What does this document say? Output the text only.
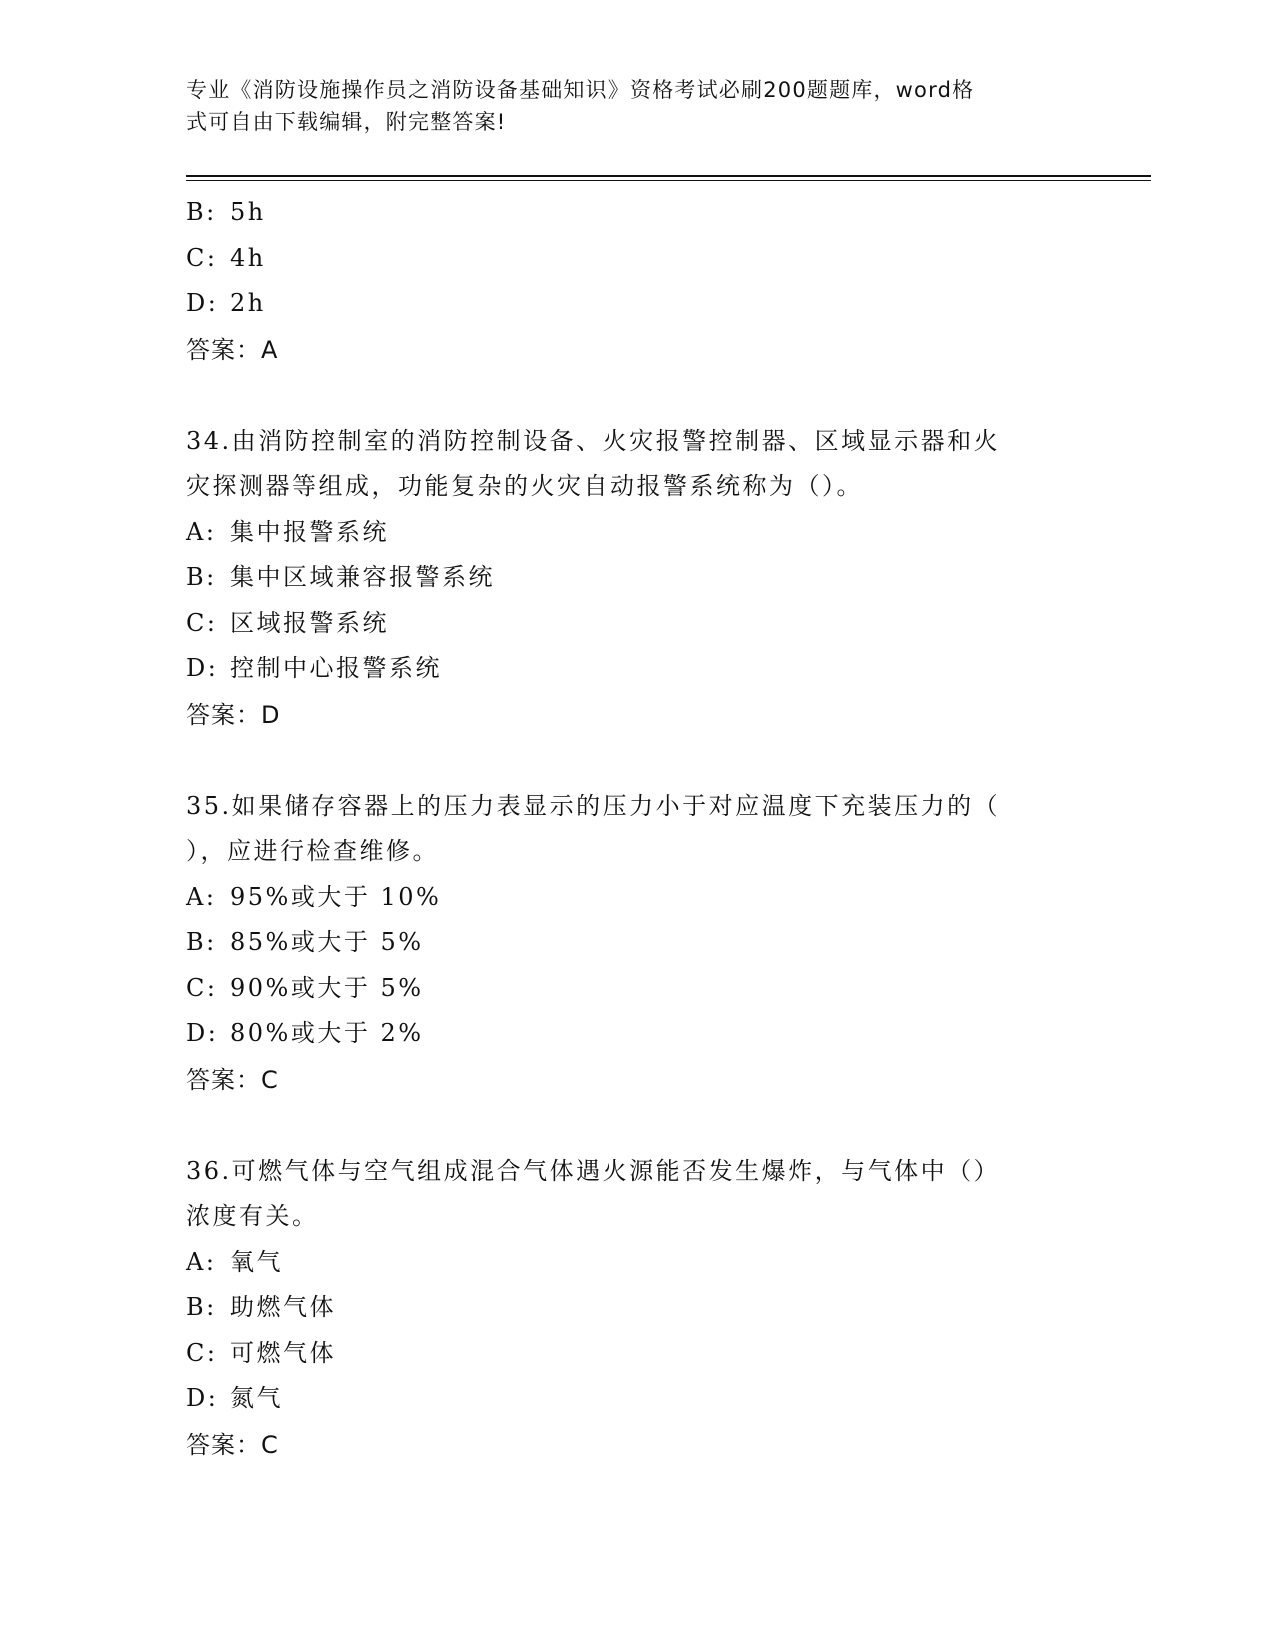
专业《消防设施操作员之消防设备基础知识》资格考试必刷200题题库，word格
式可自由下载编辑，附完整答案!
B: 5h
C: 4h
D: 2h
答案：A
34.由消防控制室的消防控制设备、火灾报警控制器、区域显示器和火
灾探测器等组成，功能复杂的火灾自动报警系统称为（）。
A: 集中报警系统
B: 集中区域兼容报警系统
C: 区域报警系统
D: 控制中心报警系统
答案：D
35.如果储存容器上的压力表显示的压力小于对应温度下充装压力的（
），应进行检查维修。
A: 95%或大于 10%
B: 85%或大于 5%
C: 90%或大于 5%
D: 80%或大于 2%
答案：C
36.可燃气体与空气组成混合气体遇火源能否发生爆炸，与气体中（）
浓度有关。
A: 氧气
B: 助燃气体
C: 可燃气体
D: 氮气
答案：C
